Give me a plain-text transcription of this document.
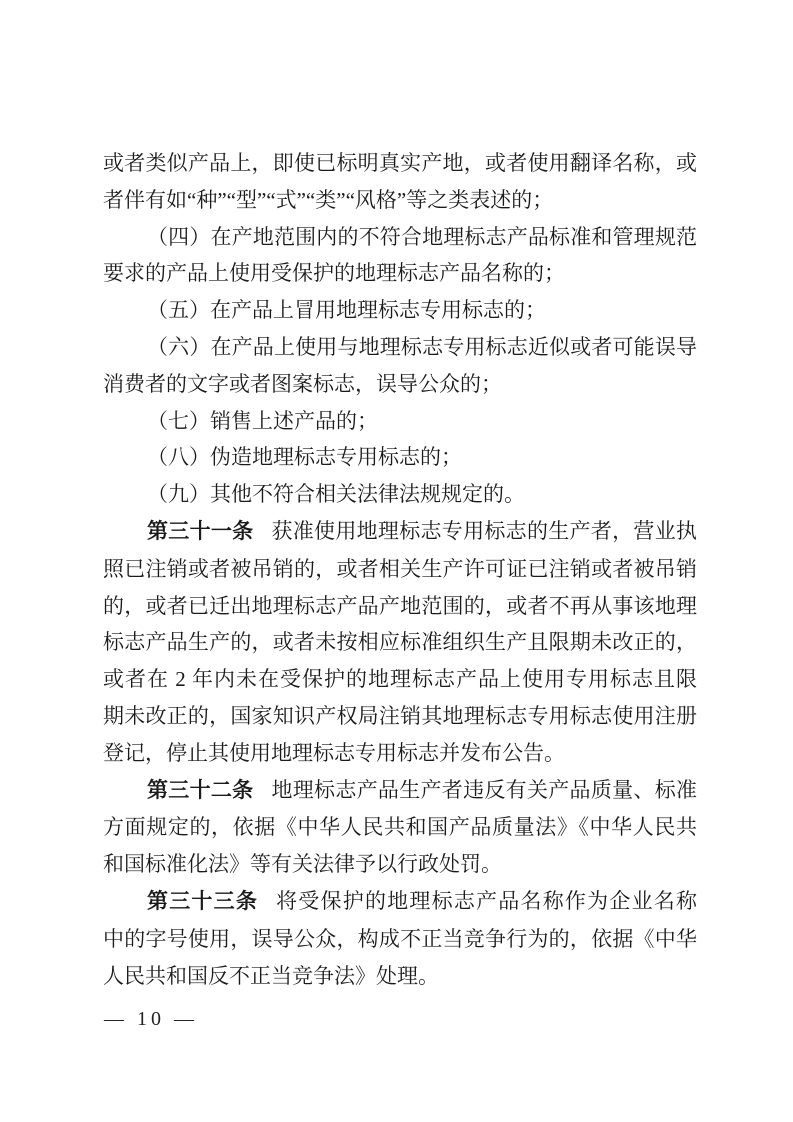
或者类似产品上，即使已标明真实产地，或者使用翻译名称，或
者伴有如“种”“型”“式”“类”“风格”等之类表述的；
（四）在产地范围内的不符合地理标志产品标准和管理规范
要求的产品上使用受保护的地理标志产品名称的；
（五）在产品上冒用地理标志专用标志的；
（六）在产品上使用与地理标志专用标志近似或者可能误导
消费者的文字或者图案标志，误导公众的；
（七）销售上述产品的；
（八）伪造地理标志专用标志的；
（九）其他不符合相关法律法规规定的。
第三十一条 获准使用地理标志专用标志的生产者，营业执
照已注销或者被吊销的，或者相关生产许可证已注销或者被吊销
的，或者已迁出地理标志产品产地范围的，或者不再从事该地理
标志产品生产的，或者未按相应标准组织生产且限期未改正的，
或者在 2 年内未在受保护的地理标志产品上使用专用标志且限
期未改正的，国家知识产权局注销其地理标志专用标志使用注册
登记，停止其使用地理标志专用标志并发布公告。
第三十二条 地理标志产品生产者违反有关产品质量、标准
方面规定的，依据《中华人民共和国产品质量法》《中华人民共
和国标准化法》等有关法律予以行政处罚。
第三十三条 将受保护的地理标志产品名称作为企业名称
中的字号使用，误导公众，构成不正当竞争行为的，依据《中华
人民共和国反不正当竞争法》处理。
— 10 —
